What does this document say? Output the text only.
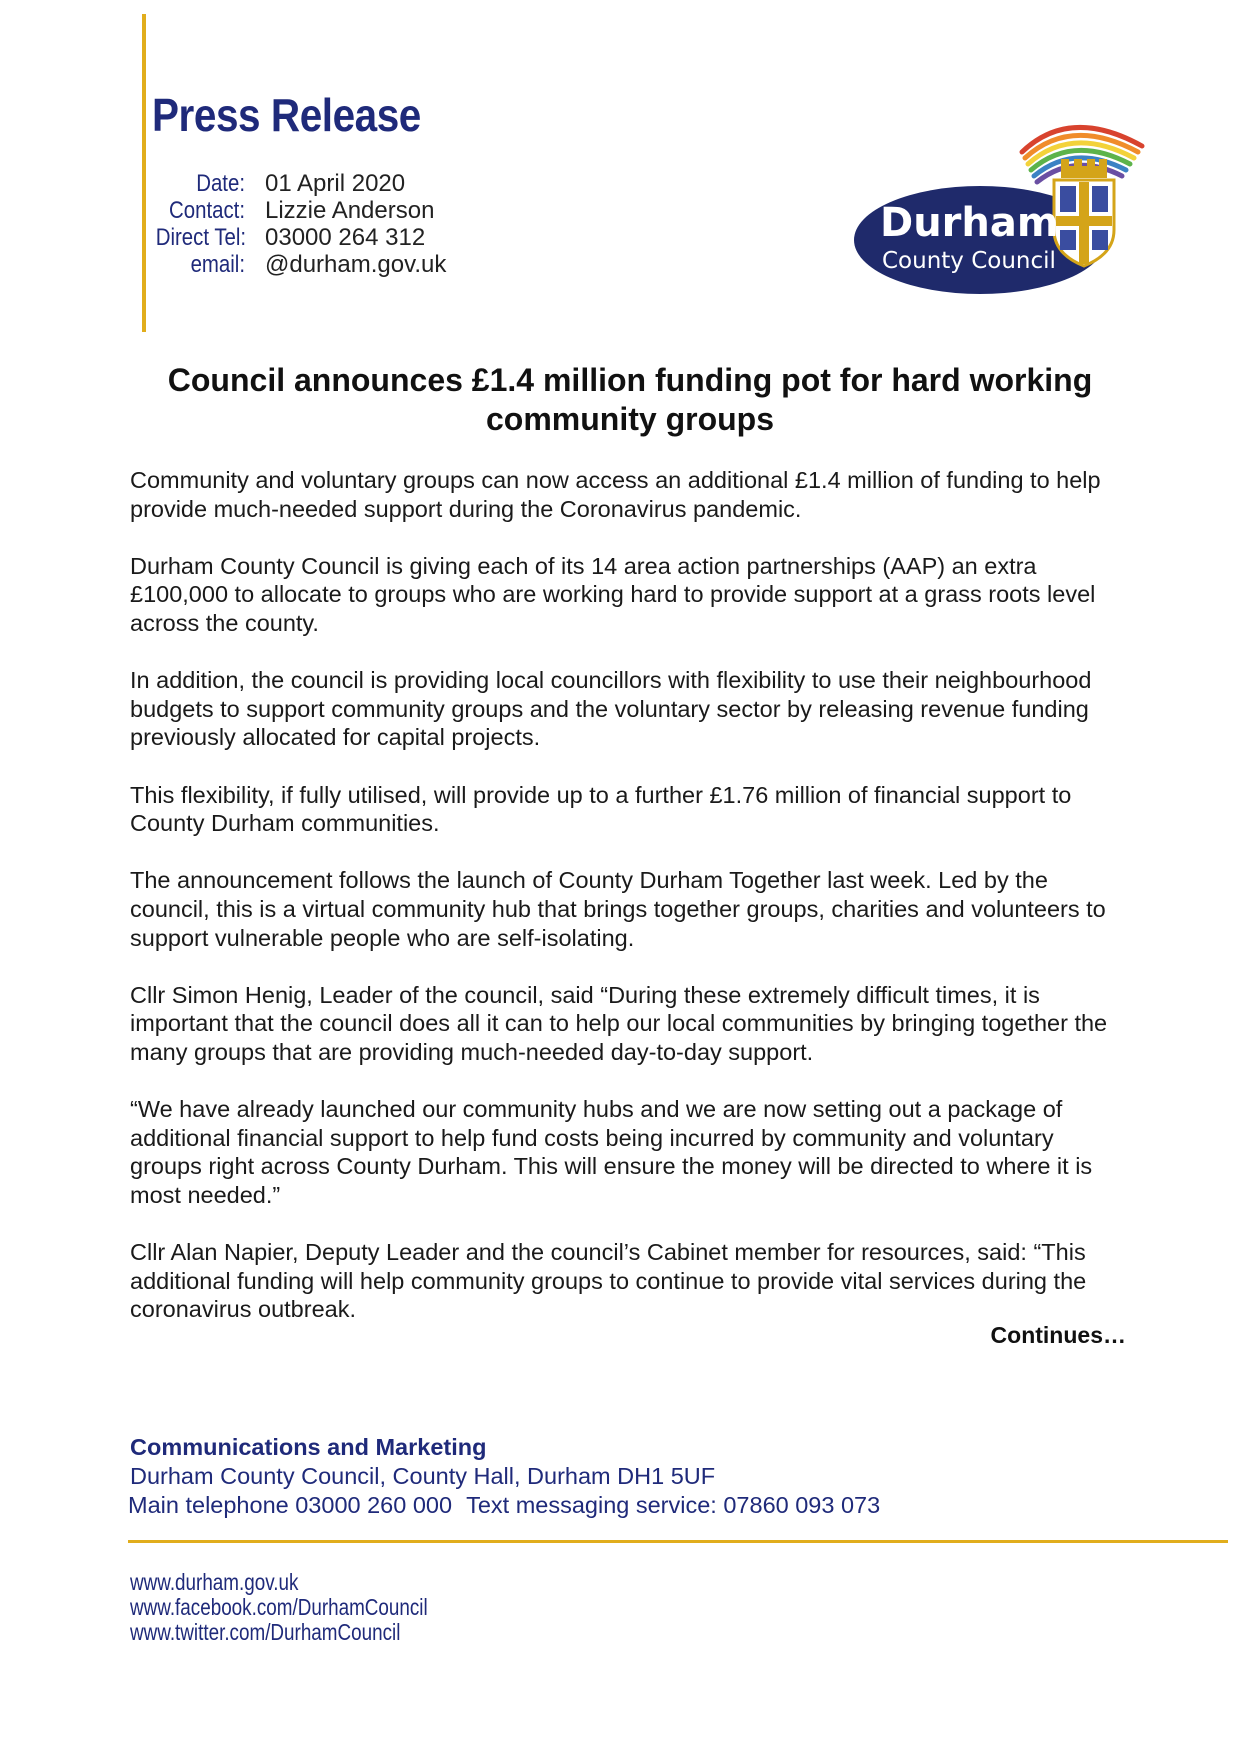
Press Release
Date: 01 April 2020
Contact: Lizzie Anderson
Direct Tel: 03000 264 312
email: @durham.gov.uk
Durham
County Council
Council announces £1.4 million funding pot for hard working
community groups

Community and voluntary groups can now access an additional £1.4 million of funding to help provide much-needed support during the Coronavirus pandemic.

Durham County Council is giving each of its 14 area action partnerships (AAP) an extra £100,000 to allocate to groups who are working hard to provide support at a grass roots level across the county.

In addition, the council is providing local councillors with flexibility to use their neighbourhood budgets to support community groups and the voluntary sector by releasing revenue funding previously allocated for capital projects.

This flexibility, if fully utilised, will provide up to a further £1.76 million of financial support to County Durham communities.

The announcement follows the launch of County Durham Together last week. Led by the council, this is a virtual community hub that brings together groups, charities and volunteers to support vulnerable people who are self-isolating.

Cllr Simon Henig, Leader of the council, said “During these extremely difficult times, it is important that the council does all it can to help our local communities by bringing together the many groups that are providing much-needed day-to-day support.

“We have already launched our community hubs and we are now setting out a package of additional financial support to help fund costs being incurred by community and voluntary groups right across County Durham. This will ensure the money will be directed to where it is most needed.”

Cllr Alan Napier, Deputy Leader and the council’s Cabinet member for resources, said: “This additional funding will help community groups to continue to provide vital services during the coronavirus outbreak.

Continues…
Communications and Marketing
Durham County Council, County Hall, Durham DH1 5UF
Main telephone 03000 260 000 Text messaging service: 07860 093 073
www.durham.gov.uk
www.facebook.com/DurhamCouncil
www.twitter.com/DurhamCouncil
